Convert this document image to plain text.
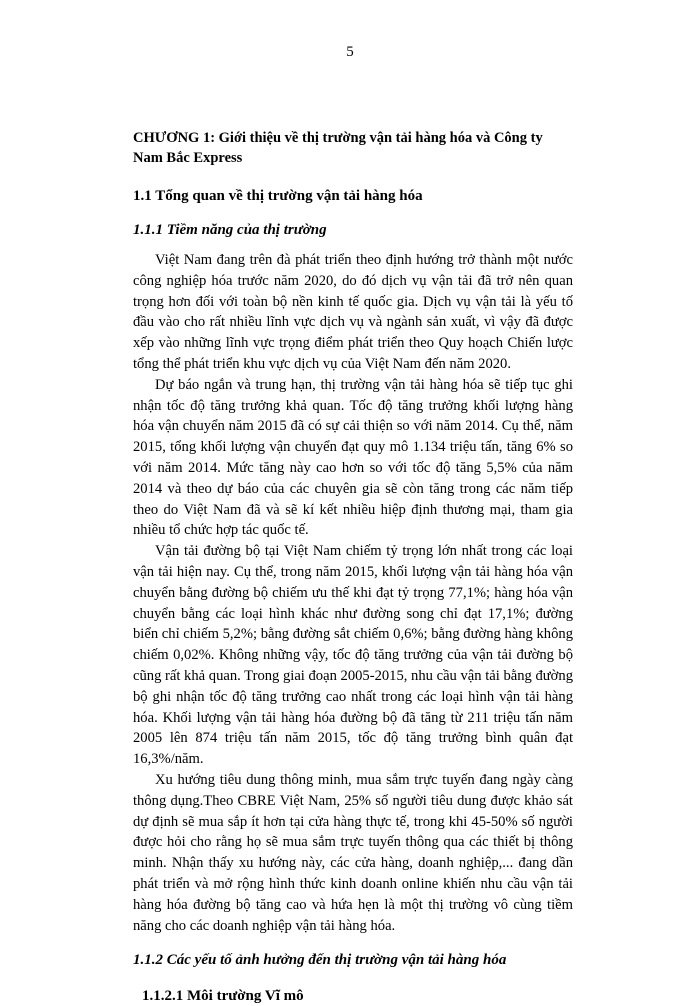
5

CHƯƠNG 1: Giới thiệu về thị trường vận tải hàng hóa và Công ty Nam Bắc Express

1.1 Tổng quan về thị trường vận tải hàng hóa
1.1.1 Tiềm năng của thị trường

Việt Nam đang trên đà phát triển theo định hướng trở thành một nước công nghiệp hóa trước năm 2020, do đó dịch vụ vận tải đã trở nên quan trọng hơn đối với toàn bộ nền kinh tế quốc gia. Dịch vụ vận tải là yếu tố đầu vào cho rất nhiều lĩnh vực dịch vụ và ngành sản xuất, vì vậy đã được xếp vào những lĩnh vực trọng điểm phát triển theo Quy hoạch Chiến lược tổng thể phát triển khu vực dịch vụ của Việt Nam đến năm 2020.

Dự báo ngắn và trung hạn, thị trường vận tải hàng hóa sẽ tiếp tục ghi nhận tốc độ tăng trưởng khả quan. Tốc độ tăng trưởng khối lượng hàng hóa vận chuyển năm 2015 đã có sự cải thiện so với năm 2014. Cụ thể, năm 2015, tổng khối lượng vận chuyển đạt quy mô 1.134 triệu tấn, tăng 6% so với năm 2014. Mức tăng này cao hơn so với tốc độ tăng 5,5% của năm 2014 và theo dự báo của các chuyên gia sẽ còn tăng trong các năm tiếp theo do Việt Nam đã và sẽ kí kết nhiều hiệp định thương mại, tham gia nhiều tổ chức hợp tác quốc tế.

Vận tải đường bộ tại Việt Nam chiếm tỷ trọng lớn nhất trong các loại vận tải hiện nay. Cụ thể, trong năm 2015, khối lượng vận tải hàng hóa vận chuyển bằng đường bộ chiếm ưu thế khi đạt tỷ trọng 77,1%; hàng hóa vận chuyển bằng các loại hình khác như đường song chỉ đạt 17,1%; đường biển chỉ chiếm 5,2%; bằng đường sắt chiếm 0,6%; bằng đường hàng không chiếm 0,02%. Không những vậy, tốc độ tăng trưởng của vận tải đường bộ cũng rất khả quan. Trong giai đoạn 2005-2015, nhu cầu vận tải bằng đường bộ ghi nhận tốc độ tăng trưởng cao nhất trong các loại hình vận tải hàng hóa. Khối lượng vận tải hàng hóa đường bộ đã tăng từ 211 triệu tấn năm 2005 lên 874 triệu tấn năm 2015, tốc độ tăng trưởng bình quân đạt 16,3%/năm.

Xu hướng tiêu dung thông minh, mua sắm trực tuyến đang ngày càng thông dụng.Theo CBRE Việt Nam, 25% số người tiêu dung được khảo sát dự định sẽ mua sắp ít hơn tại cửa hàng thực tế, trong khi 45-50% số người được hỏi cho rằng họ sẽ mua sắm trực tuyến thông qua các thiết bị thông minh. Nhận thấy xu hướng này, các cửa hàng, doanh nghiệp,... đang dần phát triển và mở rộng hình thức kinh doanh online khiến nhu cầu vận tải hàng hóa đường bộ tăng cao và hứa hẹn là một thị trường vô cùng tiềm năng cho các doanh nghiệp vận tải hàng hóa.

1.1.2 Các yếu tố ảnh hưởng đến thị trường vận tải hàng hóa
1.1.2.1 Môi trường Vĩ mô
